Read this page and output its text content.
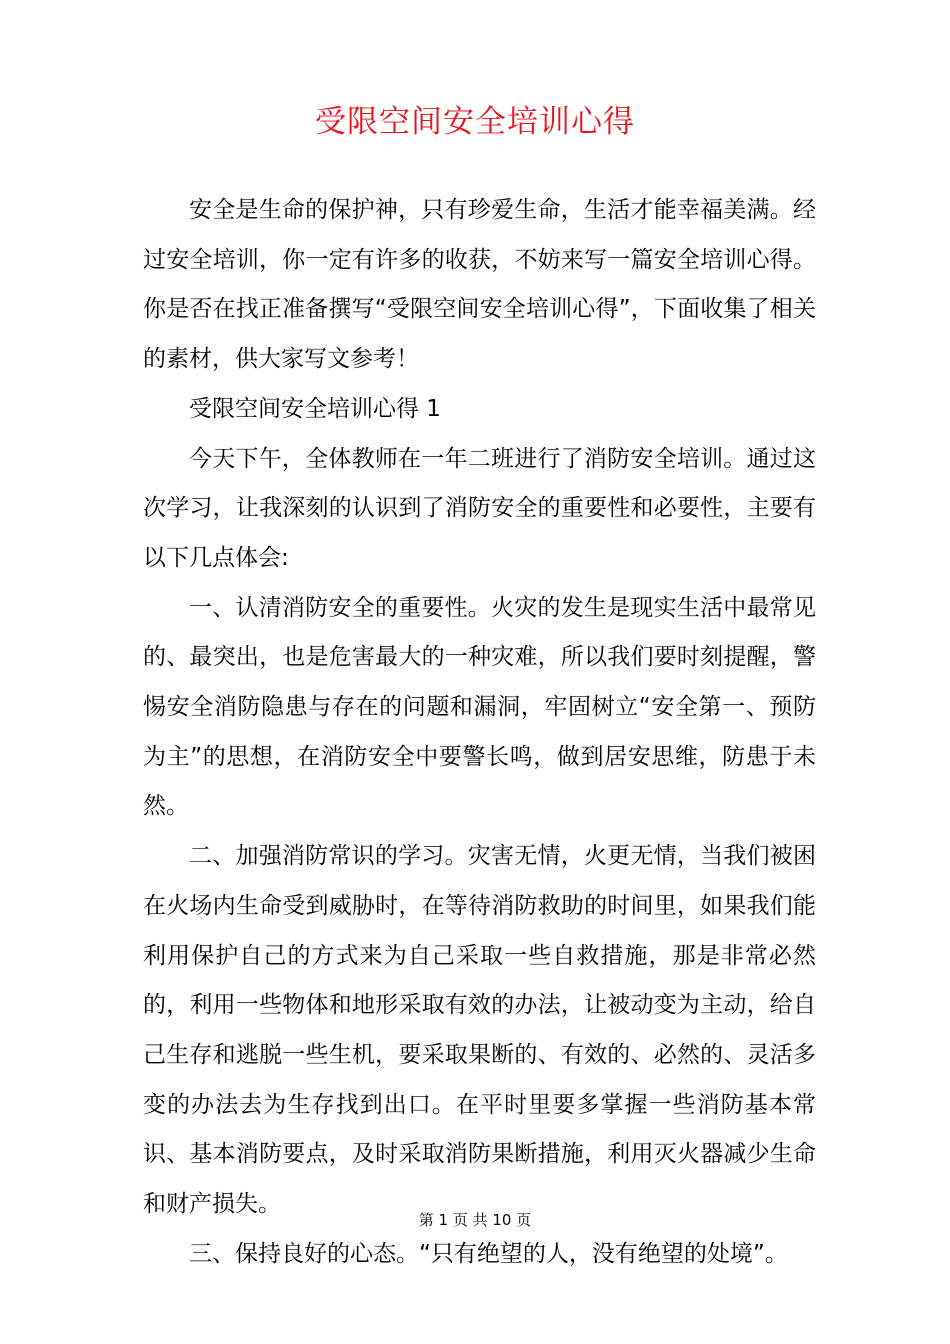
受限空间安全培训心得

安全是生命的保护神，只有珍爱生命，生活才能幸福美满。经过安全培训，你一定有许多的收获，不妨来写一篇安全培训心得。你是否在找正准备撰写“受限空间安全培训心得”，下面收集了相关的素材，供大家写文参考！

受限空间安全培训心得 1

今天下午，全体教师在一年二班进行了消防安全培训。通过这次学习，让我深刻的认识到了消防安全的重要性和必要性，主要有以下几点体会:

一、认清消防安全的重要性。火灾的发生是现实生活中最常见的、最突出，也是危害最大的一种灾难，所以我们要时刻提醒，警惕安全消防隐患与存在的问题和漏洞，牢固树立“安全第一、预防为主”的思想，在消防安全中要警长鸣，做到居安思维，防患于未然。

二、加强消防常识的学习。灾害无情，火更无情，当我们被困在火场内生命受到威胁时，在等待消防救助的时间里，如果我们能利用保护自己的方式来为自己采取一些自救措施，那是非常必然的，利用一些物体和地形采取有效的办法，让被动变为主动，给自己生存和逃脱一些生机，要采取果断的、有效的、必然的、灵活多变的办法去为生存找到出口。在平时里要多掌握一些消防基本常识、基本消防要点，及时采取消防果断措施，利用灭火器减少生命和财产损失。

三、保持良好的心态。“只有绝望的人，没有绝望的处境”。

第 1 页 共 10 页
